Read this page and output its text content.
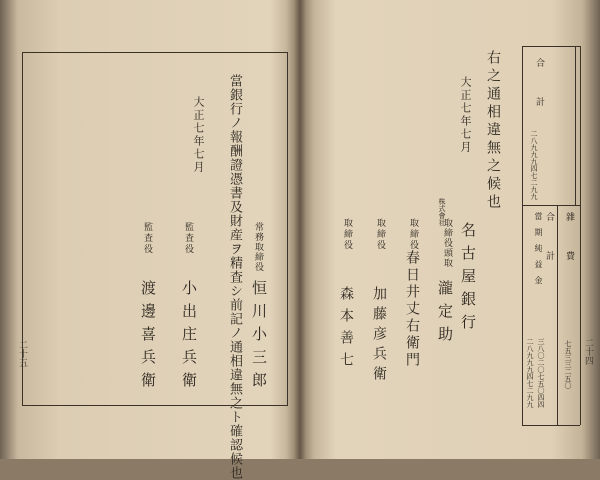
當銀行ノ報酬證憑書及財産ヲ精査シ前記ノ通相違無之ト確認候也
大正七年七月
常務取締役
恒川小三郎
監査役
小出庄兵衛
監査役
渡邊喜兵衛
二十五
右之通相違無之候也
大正七年七月
株式會社
名古屋銀行
取締役頭取
瀧定助
取締役
春日井丈右衛門
取締役
加藤彦兵衛
取締役
森本善七
合計
二八九九九四七二九九
雜費
當期純益金 合計
七五三三二五〇
三八〇二〇七五〇四四
二八九九九四七二九九	二十四
